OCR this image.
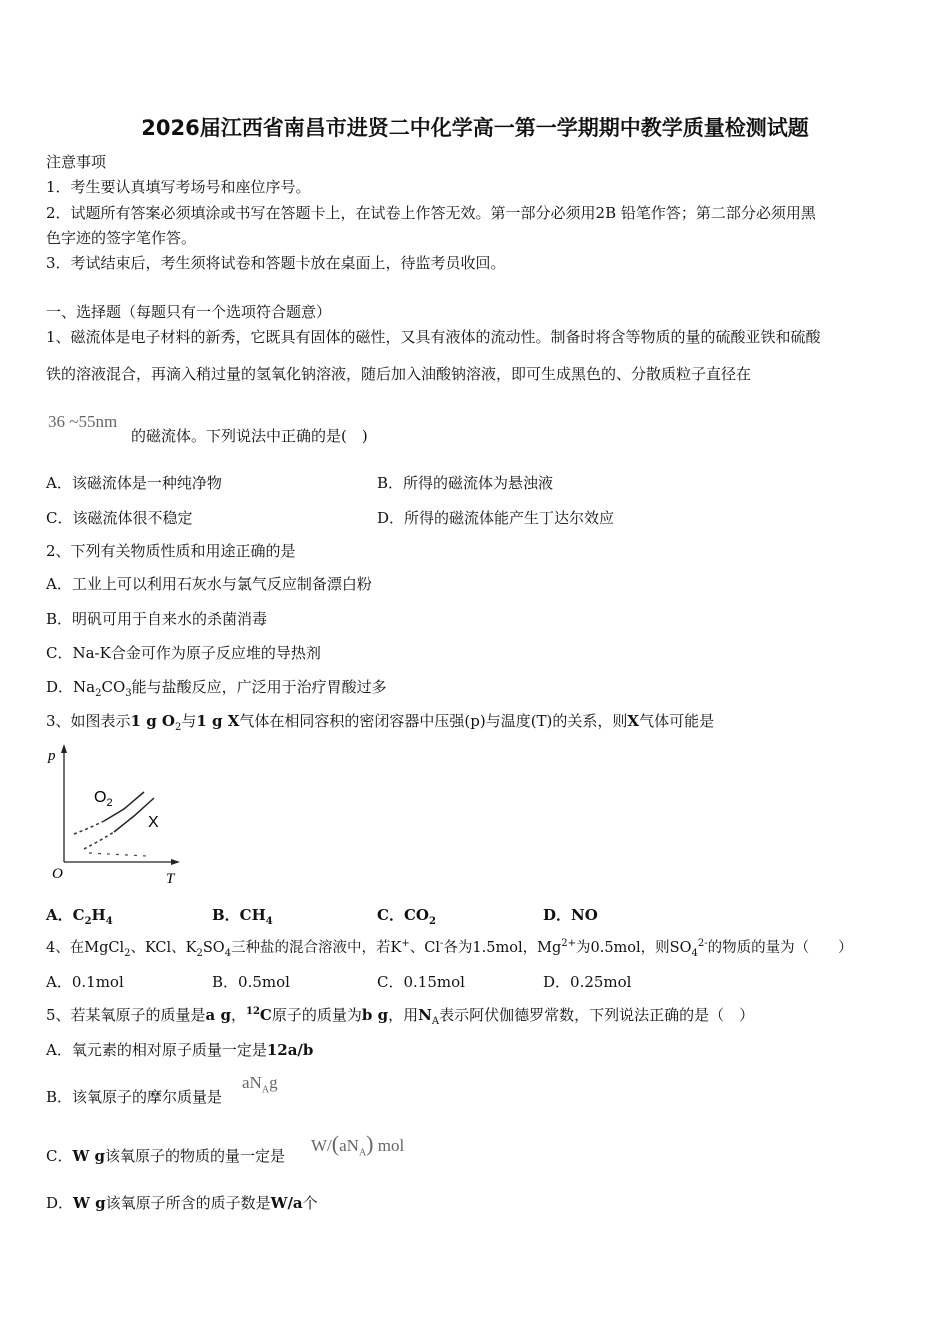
2026届江西省南昌市进贤二中化学高一第一学期期中教学质量检测试题
注意事项
1．考生要认真填写考场号和座位序号。
2．试题所有答案必须填涂或书写在答题卡上，在试卷上作答无效。第一部分必须用2B 铅笔作答；第二部分必须用黑
色字迹的签字笔作答。
3．考试结束后，考生须将试卷和答题卡放在桌面上，待监考员收回。
一、选择题（每题只有一个选项符合题意）
1、磁流体是电子材料的新秀，它既具有固体的磁性，又具有液体的流动性。制备时将含等物质的量的硫酸亚铁和硫酸
铁的溶液混合，再滴入稍过量的氢氧化钠溶液，随后加入油酸钠溶液，即可生成黑色的、分散质粒子直径在
36 ~55nm
的磁流体。下列说法中正确的是(　)
A．该磁流体是一种纯净物	B．所得的磁流体为悬浊液
C．该磁流体很不稳定	D．所得的磁流体能产生丁达尔效应
2、下列有关物质性质和用途正确的是
A．工业上可以利用石灰水与氯气反应制备漂白粉
B．明矾可用于自来水的杀菌消毒
C．Na-K合金可作为原子反应堆的导热剂
D．$Na_2CO_3$能与盐酸反应，广泛用于治疗胃酸过多
3、如图表示1 g $O_2$与1 g X气体在相同容积的密闭容器中压强(p)与温度(T)的关系，则X气体可能是
p
T
O
$O_2$
X
A．$C_2H_4$	B．$CH_4$	C．$CO_2$	D．NO
4、在MgCl$_2$、KCl、$K_2SO_4$三种盐的混合溶液中，若K+、Cl-各为1.5mol，$Mg^{2+}$为0.5mol，则$SO_4^{2-}$的物质的量为（　　）
A．0.1mol	B．0.5mol	C．0.15mol	D．0.25mol
5、若某氧原子的质量是a g，$^{12}$C原子的质量为b g，用$N_A$表示阿伏伽德罗常数，下列说法正确的是（　）
A．氧元素的相对原子质量一定是12a/b
B．该氧原子的摩尔质量是
$aN_Ag$
C．W g该氧原子的物质的量一定是
$W/(aN_A)$ mol
D．W g该氧原子所含的质子数是W/a个
